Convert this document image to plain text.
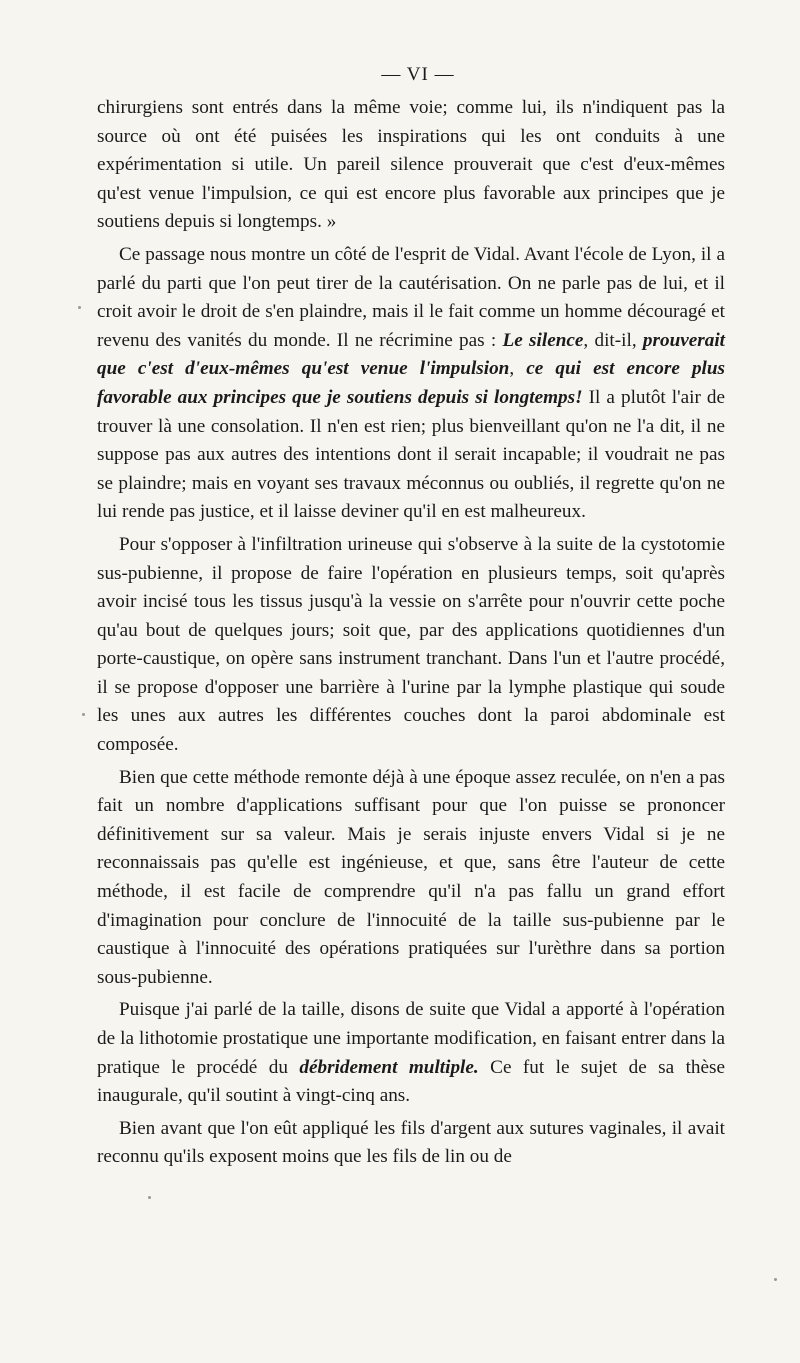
— VI —

chirurgiens sont entrés dans la même voie; comme lui, ils n'indiquent pas la source où ont été puisées les inspirations qui les ont conduits à une expérimentation si utile. Un pareil silence prouverait que c'est d'eux-mêmes qu'est venue l'impulsion, ce qui est encore plus favorable aux principes que je soutiens depuis si longtemps. »

Ce passage nous montre un côté de l'esprit de Vidal. Avant l'école de Lyon, il a parlé du parti que l'on peut tirer de la cautérisation. On ne parle pas de lui, et il croit avoir le droit de s'en plaindre, mais il le fait comme un homme découragé et revenu des vanités du monde. Il ne récrimine pas : Le silence, dit-il, prouverait que c'est d'eux-mêmes qu'est venue l'impulsion, ce qui est encore plus favorable aux principes que je soutiens depuis si longtemps! Il a plutôt l'air de trouver là une consolation. Il n'en est rien; plus bienveillant qu'on ne l'a dit, il ne suppose pas aux autres des intentions dont il serait incapable; il voudrait ne pas se plaindre; mais en voyant ses travaux méconnus ou oubliés, il regrette qu'on ne lui rende pas justice, et il laisse deviner qu'il en est malheureux.

Pour s'opposer à l'infiltration urineuse qui s'observe à la suite de la cystotomie sus-pubienne, il propose de faire l'opération en plusieurs temps, soit qu'après avoir incisé tous les tissus jusqu'à la vessie on s'arrête pour n'ouvrir cette poche qu'au bout de quelques jours; soit que, par des applications quotidiennes d'un porte-caustique, on opère sans instrument tranchant. Dans l'un et l'autre procédé, il se propose d'opposer une barrière à l'urine par la lymphe plastique qui soude les unes aux autres les différentes couches dont la paroi abdominale est composée.

Bien que cette méthode remonte déjà à une époque assez reculée, on n'en a pas fait un nombre d'applications suffisant pour que l'on puisse se prononcer définitivement sur sa valeur. Mais je serais injuste envers Vidal si je ne reconnaissais pas qu'elle est ingénieuse, et que, sans être l'auteur de cette méthode, il est facile de comprendre qu'il n'a pas fallu un grand effort d'imagination pour conclure de l'innocuité de la taille sus-pubienne par le caustique à l'innocuité des opérations pratiquées sur l'urèthre dans sa portion sous-pubienne.

Puisque j'ai parlé de la taille, disons de suite que Vidal a apporté à l'opération de la lithotomie prostatique une importante modification, en faisant entrer dans la pratique le procédé du débridement multiple. Ce fut le sujet de sa thèse inaugurale, qu'il soutint à vingt-cinq ans.

Bien avant que l'on eût appliqué les fils d'argent aux sutures vaginales, il avait reconnu qu'ils exposent moins que les fils de lin ou de
